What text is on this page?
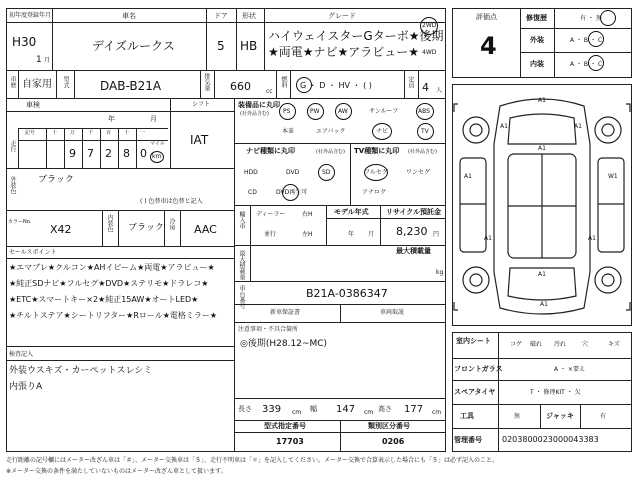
初年度登録年月
H30
1 月
車名
デイズルークス
ドア
5
形状
HB
グレード
ハイウェイスターGターボ★後期
★両電★ナビ★アラビュー★
2WD
4WD
車歴 自家用 型式	DAB-B21A	排気量 660	cc
燃料 G ・ D ・ HV ・ ( )	定員 4 人
車検
年	月
シフト
IAT
走行
記号	十	万	千	百	十 一
9 7 2 8 0
マイル
km
外装色 ブラック
( ) 色替車は色替と記入
カラーNo.
X42	内装色 ブラック 冷房 AAC
セールスポイント
★エマブレ★クルコン★AHイビーム★両電★アラビュー★
★純正SDナビ★フルセグ★DVD★ステリモ★ドラレコ★
★ETC★スマートキー×2★純正15AW★オートLED★
★チルトステア★シートリフター★Rロール★電格ミラー★
検査記入
外装ウスキズ・カーペットスレシミ
内張りA
装備品に丸印
(社外品含む) PS	PW	AW	サンルーフ	ABS
本革	エアバック	ナビ	TV
ナビ種類に丸印	(社外品含む)
HDD	DVD	SD
CD	DVD再生可
TV種類に丸印 (社外品含む)
フルセグ	ワンセグ
アナログ
輸入車 ディーラー	右H
並行	左H
モデル年式
年 月
リサイクル預託金
8,230 円
最大積載量	最大積載量
kg
車台番号	B21A-0386347
新車保証書	車両取説
注意事項・不具合箇所
◎後期(H28.12~MC)
長さ 339 cm 幅 147 cm 高さ 177 cm
型式指定番号
17703
類別区分番号
0206
評価点
4
修復歴	有 ・ 無
外装	A ・ B ・ C
内装	A ・ B ・ C
A1
A1	A1
A1
A1
W1
A1	A1
A1
A1
室内シート	コゲ 破れ 汚れ	穴	キズ
フロントガラス	A ・ ×要え
スペアタイヤ	T ・ 修理KIT ・ 欠
工具	無	ジャッキ	有
管理番号	0203800023000043383
走行距離の記号欄にはメーター改ざん車は「＃」、メーター交換車は「＄」、走行不明車は「＊」を記入してください。メーター交換で合算表示した場合にも「＄」は必ず記入のこと。
※メーター交換の条件を満たしていないものはメーター改ざん車として扱います。
